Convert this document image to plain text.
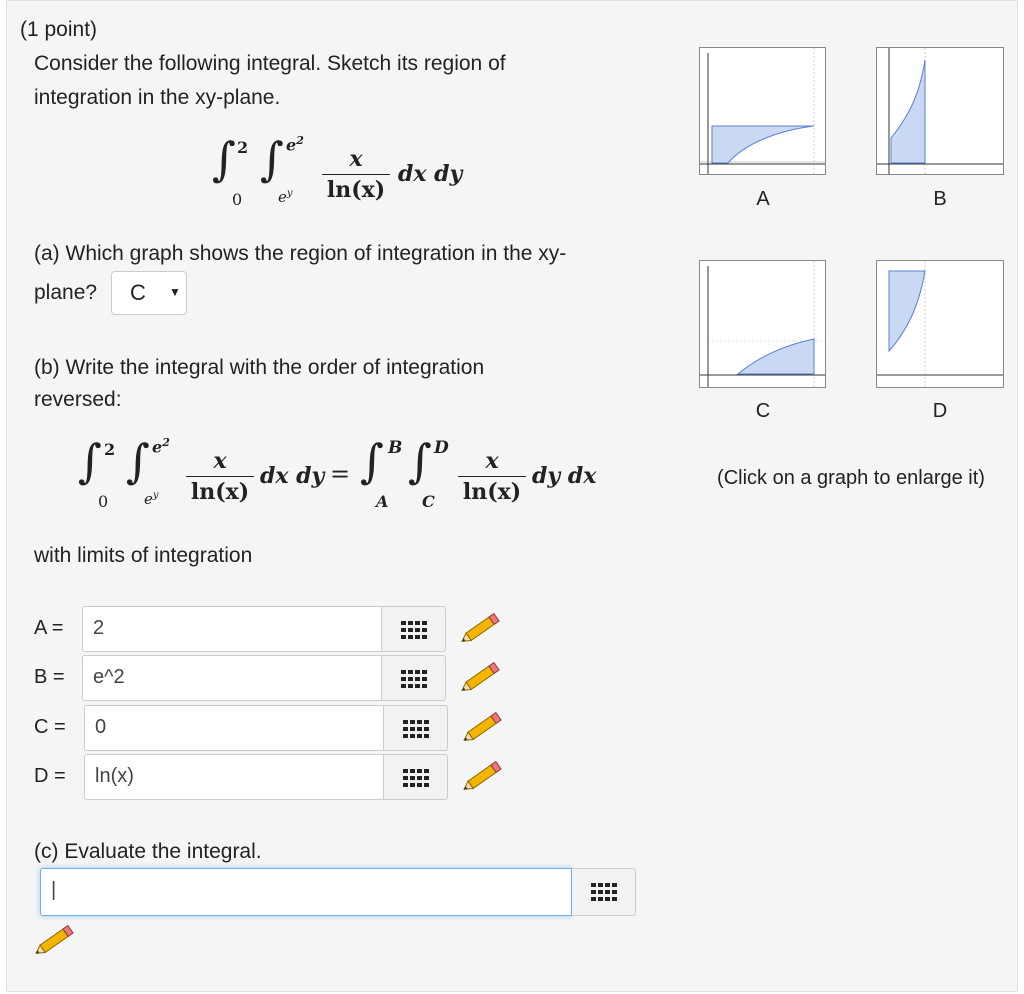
(1 point)
Consider the following integral. Sketch its region of
integration in the xy-plane.
∫ 2
0
∫ $e^2$
$e^y \frac{x}{\ln(x)}$ dx dy
(a) Which graph shows the region of integration in the xy-
plane? C ▼
(b) Write the integral with the order of integration
reversed:
∫ 2
0
∫ $e^2$
$e^y \frac{x}{\ln(x)}$ dx dy = ∫ B
A
∫ D
C $\frac{x}{\ln(x)}$ dy dx
with limits of integration
A =	2
B =	e^2
C =	0
D =	ln(x)
(c) Evaluate the integral.
|
A	B
C	D
(Click on a graph to enlarge it)
